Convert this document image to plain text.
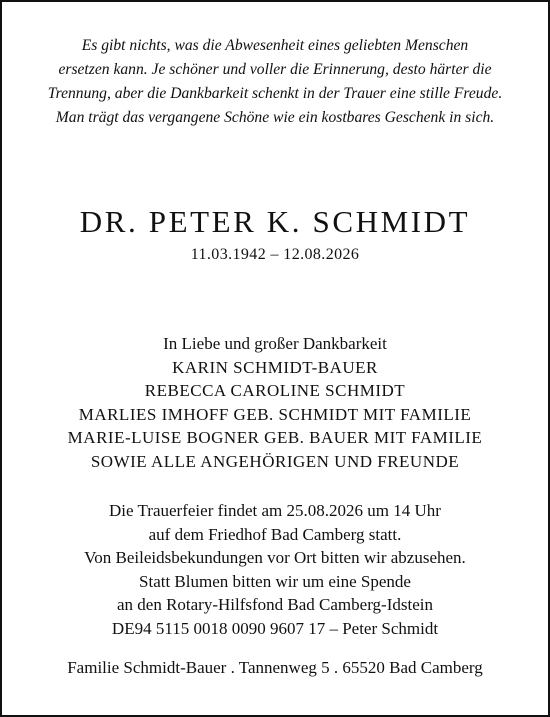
Es gibt nichts, was die Abwesenheit eines geliebten Menschen
ersetzen kann. Je schöner und voller die Erinnerung, desto härter die
Trennung, aber die Dankbarkeit schenkt in der Trauer eine stille Freude.
Man trägt das vergangene Schöne wie ein kostbares Geschenk in sich.
DR. PETER K. SCHMIDT
11.03.1942 – 12.08.2026
In Liebe und großer Dankbarkeit
KARIN SCHMIDT-BAUER
REBECCA CAROLINE SCHMIDT
MARLIES IMHOFF GEB. SCHMIDT MIT FAMILIE
MARIE-LUISE BOGNER GEB. BAUER MIT FAMILIE
SOWIE ALLE ANGEHÖRIGEN UND FREUNDE
Die Trauerfeier findet am 25.08.2026 um 14 Uhr
auf dem Friedhof Bad Camberg statt.
Von Beileidsbekundungen vor Ort bitten wir abzusehen.
Statt Blumen bitten wir um eine Spende
an den Rotary-Hilfsfond Bad Camberg-Idstein
DE94 5115 0018 0090 9607 17 – Peter Schmidt
Familie Schmidt-Bauer . Tannenweg 5 . 65520 Bad Camberg
